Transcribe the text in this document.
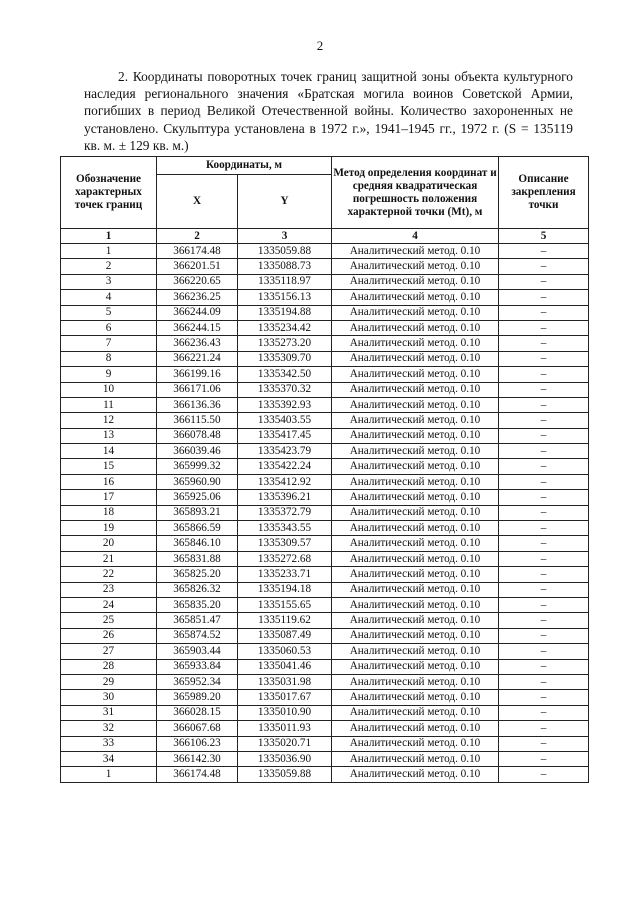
2

2. Координаты поворотных точек границ защитной зоны объекта культурного наследия регионального значения «Братская могила воинов Советской Армии, погибших в период Великой Отечественной войны. Количество захороненных не установлено. Скульптура установлена в 1972 г.», 1941–1945 гг., 1972 г. (S = 135119 кв. м. ± 129 кв. м.)

Обозначение характерных точек границ	Координаты, м		Метод определения координат и средняя квадратическая погрешность положения характерной точки (Mt), м	Описание закрепления точки
	X	Y		
1	2	3	4	5
1	366174.48	1335059.88	Аналитический метод. 0.10	–
2	366201.51	1335088.73	Аналитический метод. 0.10	–
3	366220.65	1335118.97	Аналитический метод. 0.10	–
4	366236.25	1335156.13	Аналитический метод. 0.10	–
5	366244.09	1335194.88	Аналитический метод. 0.10	–
6	366244.15	1335234.42	Аналитический метод. 0.10	–
7	366236.43	1335273.20	Аналитический метод. 0.10	–
8	366221.24	1335309.70	Аналитический метод. 0.10	–
9	366199.16	1335342.50	Аналитический метод. 0.10	–
10	366171.06	1335370.32	Аналитический метод. 0.10	–
11	366136.36	1335392.93	Аналитический метод. 0.10	–
12	366115.50	1335403.55	Аналитический метод. 0.10	–
13	366078.48	1335417.45	Аналитический метод. 0.10	–
14	366039.46	1335423.79	Аналитический метод. 0.10	–
15	365999.32	1335422.24	Аналитический метод. 0.10	–
16	365960.90	1335412.92	Аналитический метод. 0.10	–
17	365925.06	1335396.21	Аналитический метод. 0.10	–
18	365893.21	1335372.79	Аналитический метод. 0.10	–
19	365866.59	1335343.55	Аналитический метод. 0.10	–
20	365846.10	1335309.57	Аналитический метод. 0.10	–
21	365831.88	1335272.68	Аналитический метод. 0.10	–
22	365825.20	1335233.71	Аналитический метод. 0.10	–
23	365826.32	1335194.18	Аналитический метод. 0.10	–
24	365835.20	1335155.65	Аналитический метод. 0.10	–
25	365851.47	1335119.62	Аналитический метод. 0.10	–
26	365874.52	1335087.49	Аналитический метод. 0.10	–
27	365903.44	1335060.53	Аналитический метод. 0.10	–
28	365933.84	1335041.46	Аналитический метод. 0.10	–
29	365952.34	1335031.98	Аналитический метод. 0.10	–
30	365989.20	1335017.67	Аналитический метод. 0.10	–
31	366028.15	1335010.90	Аналитический метод. 0.10	–
32	366067.68	1335011.93	Аналитический метод. 0.10	–
33	366106.23	1335020.71	Аналитический метод. 0.10	–
34	366142.30	1335036.90	Аналитический метод. 0.10	–
1	366174.48	1335059.88	Аналитический метод. 0.10	–
